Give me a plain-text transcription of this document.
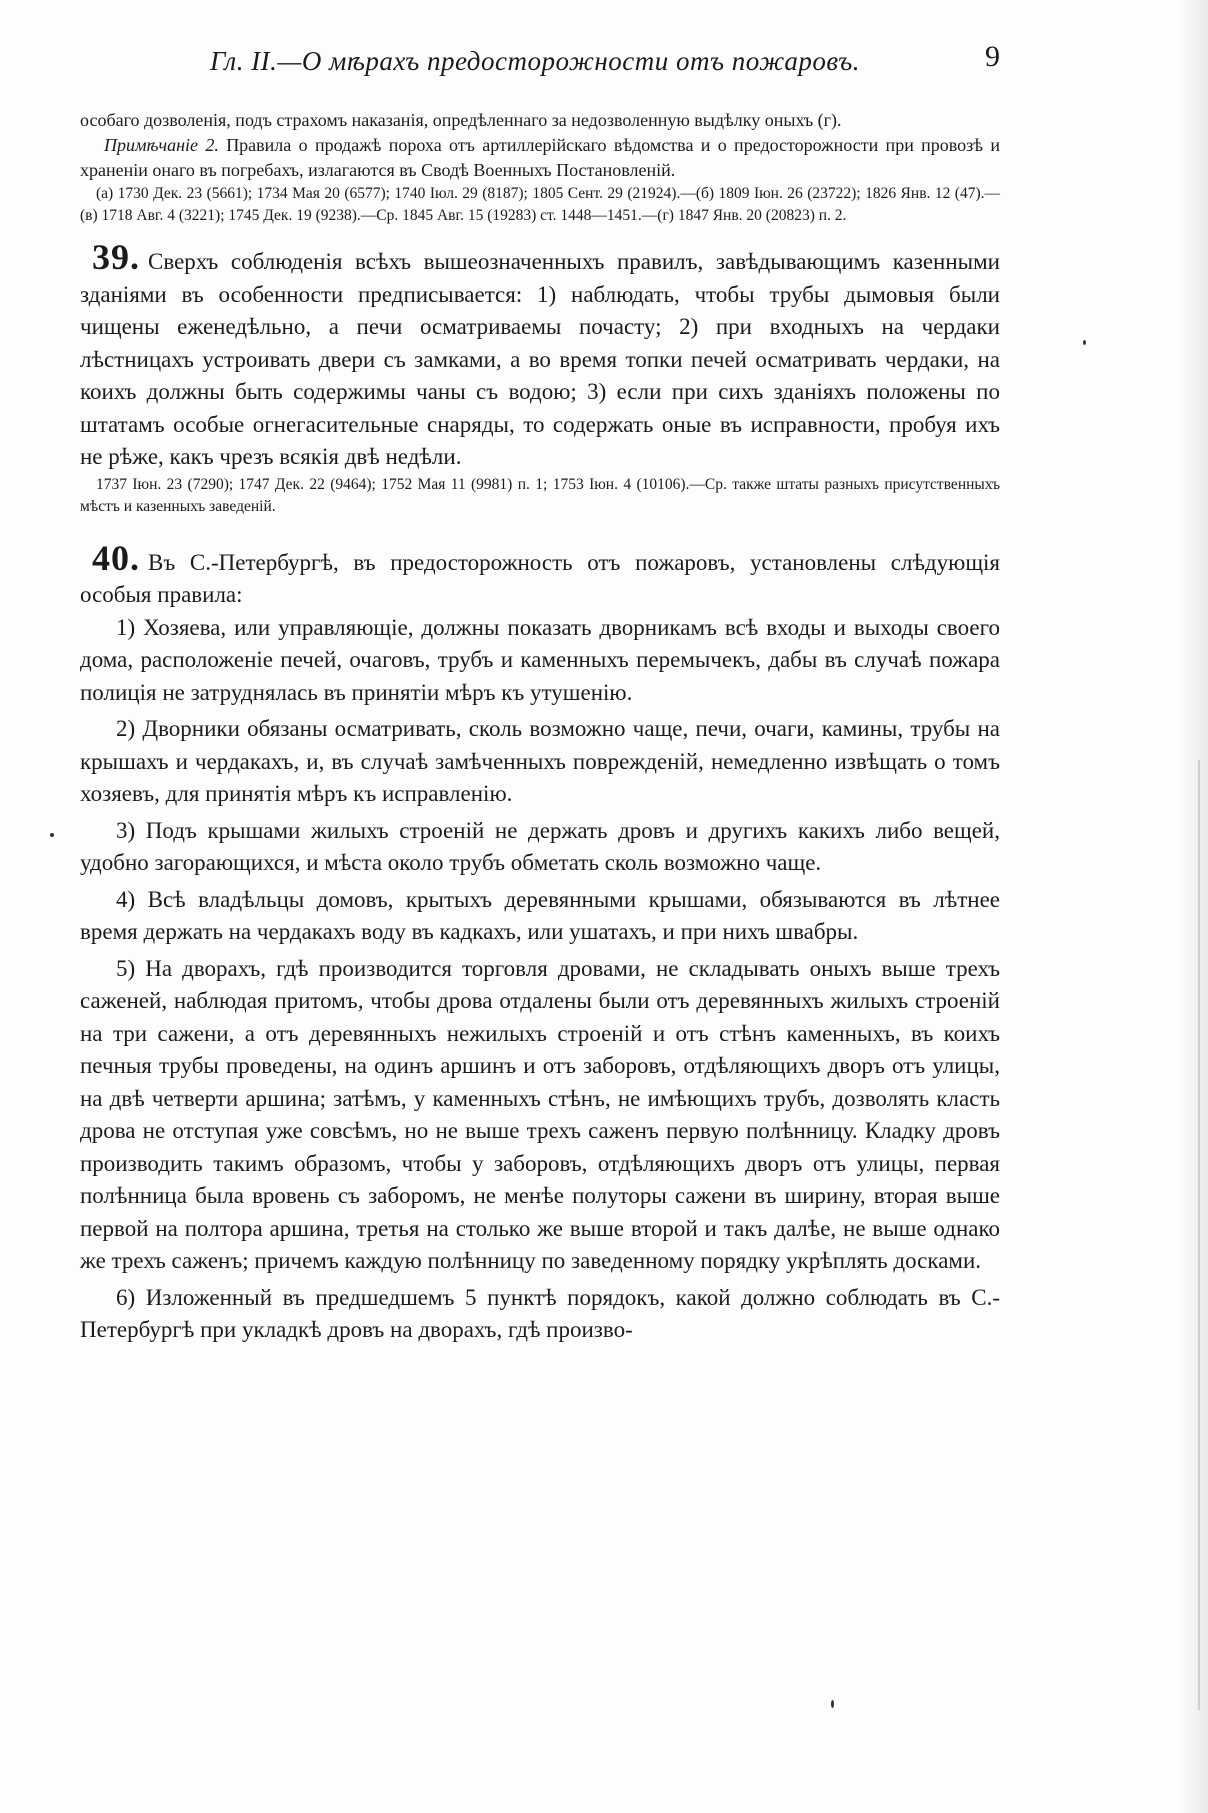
Гл. II.—О мѣрахъ предосторожности отъ пожаровъ.	9

особаго дозволенія, подъ страхомъ наказанія, опредѣленнаго за недозволенную выдѣлку оныхъ (г).

Примѣчаніе 2. Правила о продажѣ пороха отъ артиллерійскаго вѣдомства и о предосторожности при провозѣ и храненіи онаго въ погребахъ, излагаются въ Сводѣ Военныхъ Постановленій.

(а) 1730 Дек. 23 (5661); 1734 Мая 20 (6577); 1740 Іюл. 29 (8187); 1805 Сент. 29 (21924).—(б) 1809 Іюн. 26 (23722); 1826 Янв. 12 (47).—(в) 1718 Авг. 4 (3221); 1745 Дек. 19 (9238).—Ср. 1845 Авг. 15 (19283) ст. 1448—1451.—(г) 1847 Янв. 20 (20823) п. 2.

39. Сверхъ соблюденія всѣхъ вышеозначенныхъ правилъ, завѣдывающимъ казенными зданіями въ особенности предписывается: 1) наблюдать, чтобы трубы дымовыя были чищены еженедѣльно, а печи осматриваемы почасту; 2) при входныхъ на чердаки лѣстницахъ устроивать двери съ замками, а во время топки печей осматривать чердаки, на коихъ должны быть содержимы чаны съ водою; 3) если при сихъ зданіяхъ положены по штатамъ особые огнегасительные снаряды, то содержать оные въ исправности, пробуя ихъ не рѣже, какъ чрезъ всякія двѣ недѣли.

1737 Іюн. 23 (7290); 1747 Дек. 22 (9464); 1752 Мая 11 (9981) п. 1; 1753 Іюн. 4 (10106).—Ср. также штаты разныхъ присутственныхъ мѣстъ и казенныхъ заведеній.

40. Въ С.-Петербургѣ, въ предосторожность отъ пожаровъ, установлены слѣдующія особыя правила:

1) Хозяева, или управляющіе, должны показать дворникамъ всѣ входы и выходы своего дома, расположеніе печей, очаговъ, трубъ и каменныхъ перемычекъ, дабы въ случаѣ пожара полиція не затруднялась въ принятіи мѣръ къ утушенію.

2) Дворники обязаны осматривать, сколь возможно чаще, печи, очаги, камины, трубы на крышахъ и чердакахъ, и, въ случаѣ замѣченныхъ повреждeній, немедленно извѣщать о томъ хозяевъ, для принятія мѣръ къ исправленію.

3) Подъ крышами жилыхъ строеній не держать дровъ и другихъ какихъ либо вещей, удобно загорающихся, и мѣста около трубъ обметать сколь возможно чаще.

4) Всѣ владѣльцы домовъ, крытыхъ деревянными крышами, обязываются въ лѣтнее время держать на чердакахъ воду въ кадкахъ, или ушатахъ, и при нихъ швабры.

5) На дворахъ, гдѣ производится торговля дровами, не складывать оныхъ выше трехъ саженей, наблюдая притомъ, чтобы дрова отдалены были отъ деревянныхъ жилыхъ строеній на три сажени, а отъ деревянныхъ нежилыхъ строеній и отъ стѣнъ каменныхъ, въ коихъ печныя трубы проведены, на одинъ аршинъ и отъ заборовъ, отдѣляющихъ дворъ отъ улицы, на двѣ четверти аршина; затѣмъ, у каменныхъ стѣнъ, не имѣющихъ трубъ, дозволять класть дрова не отступая уже совсѣмъ, но не выше трехъ саженъ первую полѣнницу. Кладку дровъ производить такимъ образомъ, чтобы у заборовъ, отдѣляющихъ дворъ отъ улицы, первая полѣнница была вровень съ заборомъ, не менѣе полуторы сажени въ ширину, вторая выше первой на полтора аршина, третья на столько же выше второй и такъ далѣе, не выше однако же трехъ саженъ; причемъ каждую полѣнницу по заведенному порядку укрѣплять досками.

6) Изложенный въ предшедшемъ 5 пунктѣ порядокъ, какой должно соблюдать въ С.-Петербургѣ при укладкѣ дровъ на дворахъ, гдѣ произво-
